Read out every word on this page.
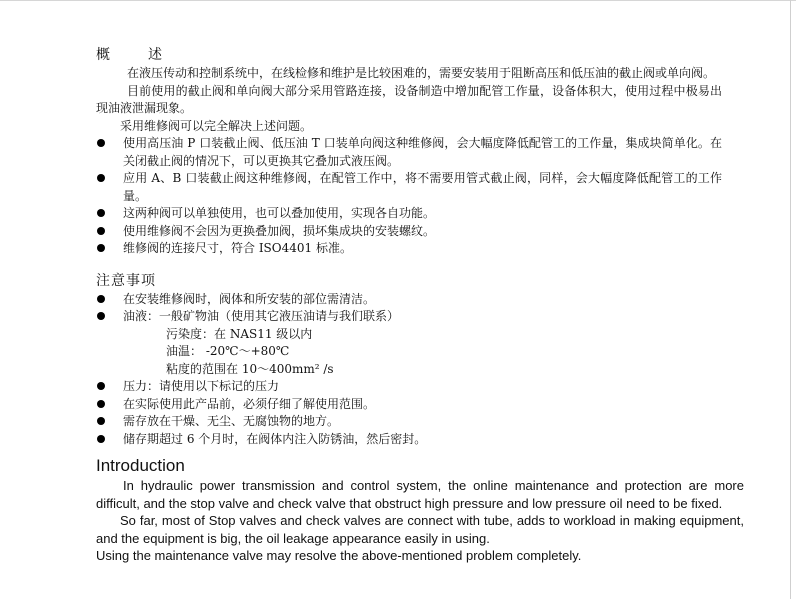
概　述

在液压传动和控制系统中，在线检修和维护是比较困难的，需要安装用于阻断高压和低压油的截止阀或单向阀。

目前使用的截止阀和单向阀大部分采用管路连接，设备制造中增加配管工作量，设备体积大，使用过程中极易出现油液泄漏现象。

采用维修阀可以完全解决上述问题。

使用高压油 P 口装截止阀、低压油 T 口装单向阀这种维修阀，会大幅度降低配管工的工作量，集成块简单化。在关闭截止阀的情况下，可以更换其它叠加式液压阀。
应用 A、B 口装截止阀这种维修阀，在配管工作中，将不需要用管式截止阀，同样，会大幅度降低配管工的工作量。
这两种阀可以单独使用，也可以叠加使用，实现各自功能。
使用维修阀不会因为更换叠加阀，损坏集成块的安装螺纹。
维修阀的连接尺寸，符合 ISO4401 标准。
注意事项
在安装维修阀时，阀体和所安装的部位需清洁。
油液：一般矿物油（使用其它液压油请与我们联系）
污染度：在 NAS11 级以内
油温： -20℃～+80℃
粘度的范围在 10～400mm² /s
压力：请使用以下标记的压力
在实际使用此产品前，必须仔细了解使用范围。
需存放在干燥、无尘、无腐蚀物的地方。
储存期超过 6 个月时，在阀体内注入防锈油，然后密封。
Introduction

In hydraulic power transmission and control system, the online maintenance and protection are more difficult, and the stop valve and check valve that obstruct high pressure and low pressure oil need to be fixed.

So far, most of Stop valves and check valves are connect with tube, adds to workload in making equipment, and the equipment is big, the oil leakage appearance easily in using.

Using the maintenance valve may resolve the above-mentioned problem completely.
